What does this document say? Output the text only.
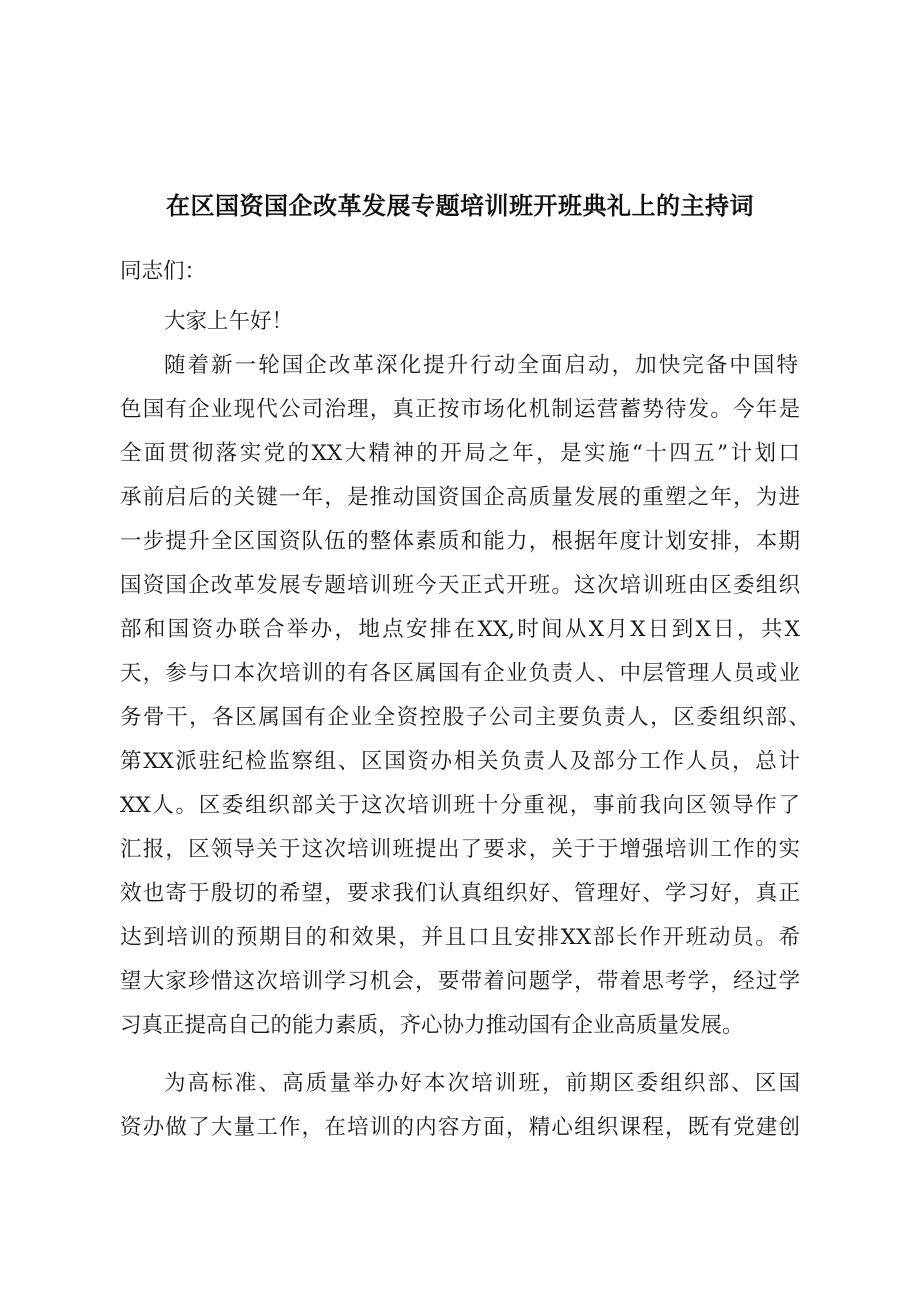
在区国资国企改革发展专题培训班开班典礼上的主持词

同志们：

大家上午好！

随着新一轮国企改革深化提升行动全面启动，加快完备中国特

色国有企业现代公司治理，真正按市场化机制运营蓄势待发。今年是

全面贯彻落实党的XX大精神的开局之年，是实施“十四五”计划口

承前启后的关键一年，是推动国资国企高质量发展的重塑之年，为进

一步提升全区国资队伍的整体素质和能力，根据年度计划安排，本期

国资国企改革发展专题培训班今天正式开班。这次培训班由区委组织

部和国资办联合举办，地点安排在XX,时间从X月X日到X日，共X

天，参与口本次培训的有各区属国有企业负责人、中层管理人员或业

务骨干，各区属国有企业全资控股子公司主要负责人，区委组织部、

第XX派驻纪检监察组、区国资办相关负责人及部分工作人员，总计

XX人。区委组织部关于这次培训班十分重视，事前我向区领导作了

汇报，区领导关于这次培训班提出了要求，关于于增强培训工作的实

效也寄于殷切的希望，要求我们认真组织好、管理好、学习好，真正

达到培训的预期目的和效果，并且口且安排XX部长作开班动员。希

望大家珍惜这次培训学习机会，要带着问题学，带着思考学，经过学

习真正提高自己的能力素质，齐心协力推动国有企业高质量发展。

为高标准、高质量举办好本次培训班，前期区委组织部、区国

资办做了大量工作，在培训的内容方面，精心组织课程，既有党建创
